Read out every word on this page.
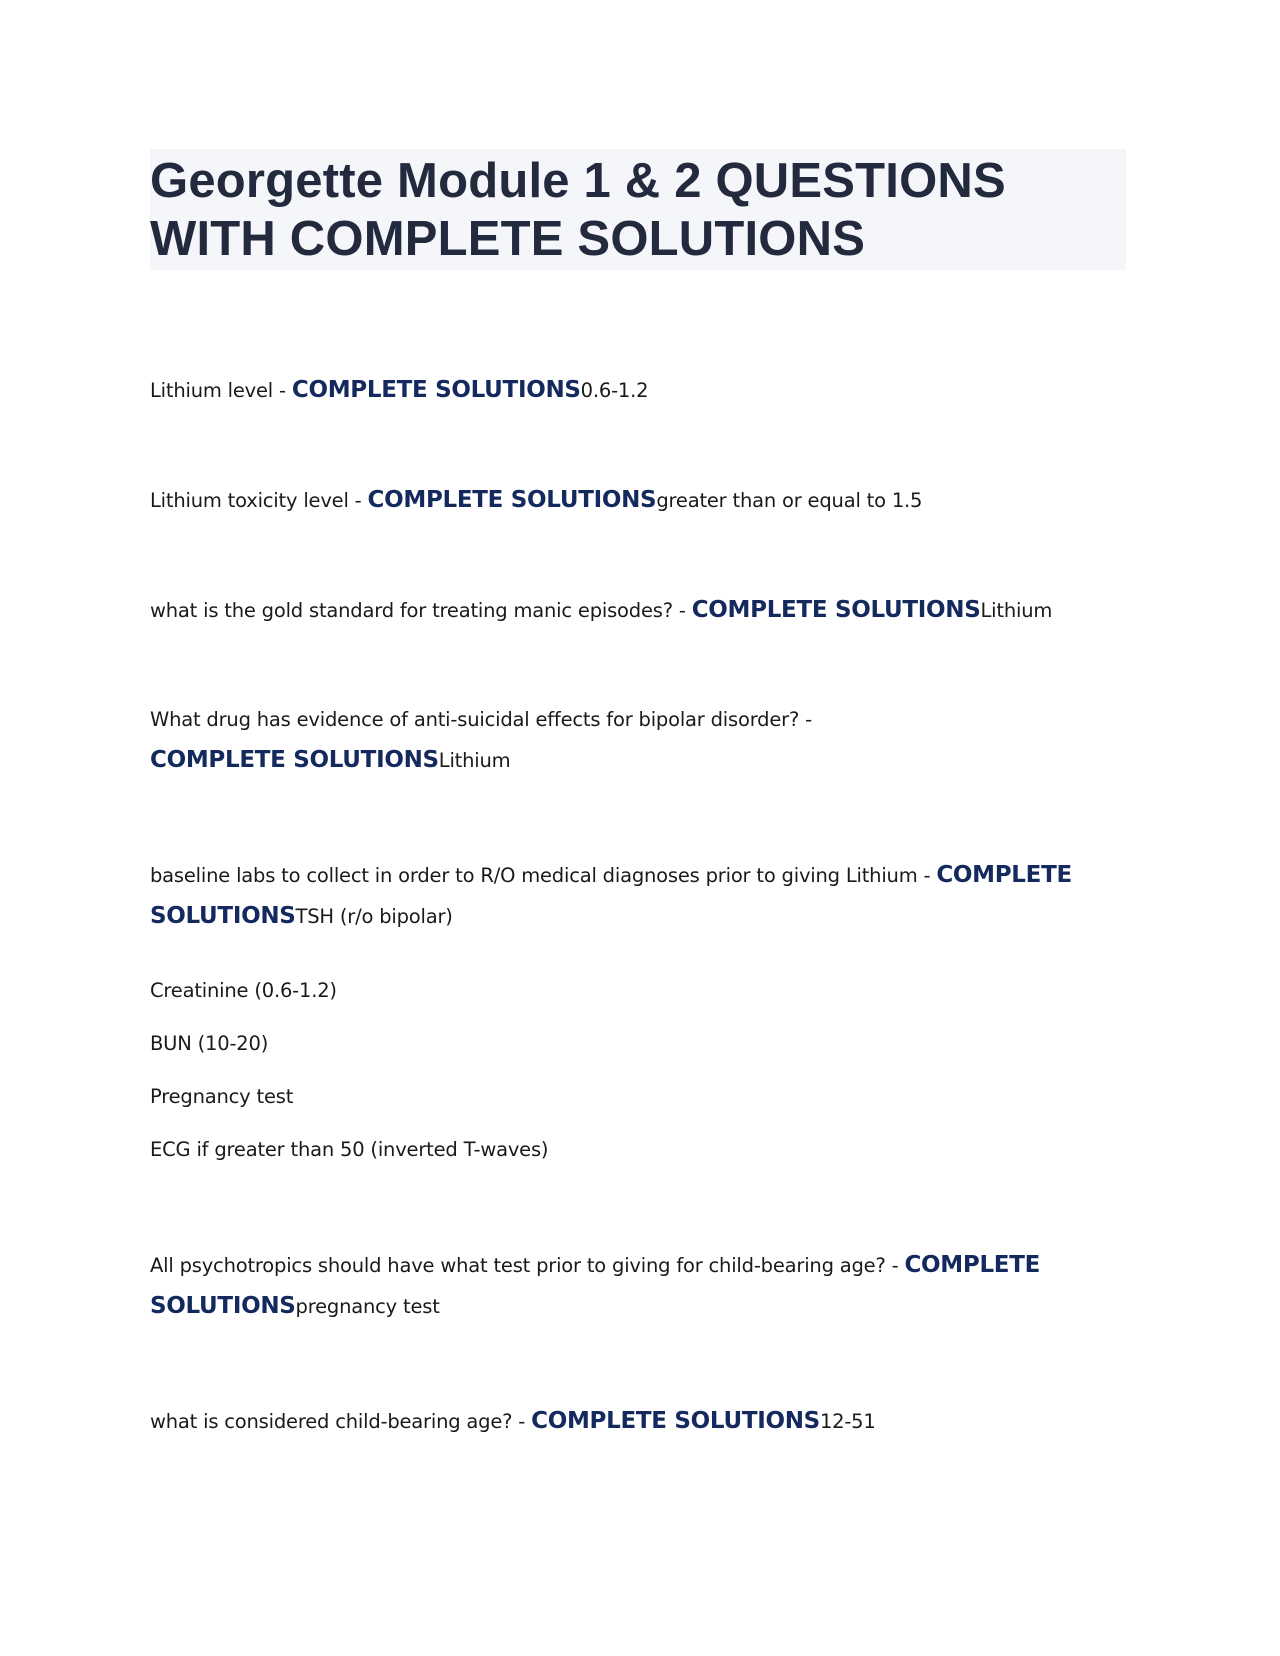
Georgette Module 1 & 2 QUESTIONS WITH COMPLETE SOLUTIONS
Lithium level - COMPLETE SOLUTIONS0.6-1.2
Lithium toxicity level - COMPLETE SOLUTIONSgreater than or equal to 1.5
what is the gold standard for treating manic episodes? - COMPLETE SOLUTIONSLithium
What drug has evidence of anti-suicidal effects for bipolar disorder? - COMPLETE SOLUTIONSLithium
baseline labs to collect in order to R/O medical diagnoses prior to giving Lithium - COMPLETE SOLUTIONSTSH (r/o bipolar)
Creatinine (0.6-1.2)
BUN (10-20)
Pregnancy test
ECG if greater than 50 (inverted T-waves)
All psychotropics should have what test prior to giving for child-bearing age? - COMPLETE SOLUTIONSpregnancy test
what is considered child-bearing age? - COMPLETE SOLUTIONS12-51
